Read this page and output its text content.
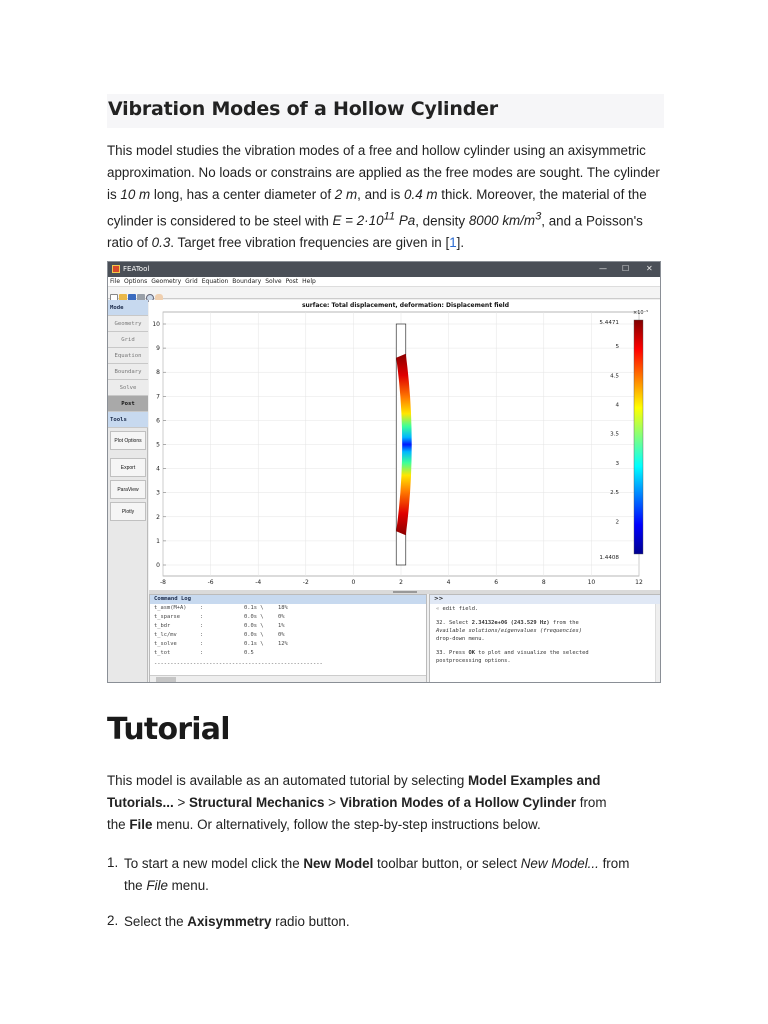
Vibration Modes of a Hollow Cylinder

This model studies the vibration modes of a free and hollow cylinder using an axisymmetric approximation. No loads or constrains are applied as the free modes are sought. The cylinder is 10 m long, has a center diameter of 2 m, and is 0.4 m thick. Moreover, the material of the cylinder is considered to be steel with $E = 2\cdot 10^{11}$ Pa, density 8000 $km/m^3$, and a Poisson's ratio of 0.3. Target free vibration frequencies are given in [1].

FEATool	— ☐ ✕
File Options Geometry Grid Equation Boundary Solve Post Help
Mode
Geometry
Grid
Equation
Boundary
Solve
Post
Tools
Plot Options
Export
ParaView
Plotly
surface: Total displacement, deformation: Displacement field
-8	-6	-4	-2	0	2	4	6	8	10	12
0
1
2
3
4
5
6
7
8
9
10	5.4471
×10⁻⁵
5
4.5
4
3.5
3
2.5
2
1.4408
Command Log
t_asm(M+A)	:	0.1s \	18%
t_sparse	:	0.0s \	0%
t_bdr	:	0.0s \	1%
t_lc/mv	:	0.0s \	0%
t_solve	:	0.1s \	12%
t_tot	:	0.5
----------------------------------------------------
>>
« edit field.
32. Select 2.34132e+06 (243.529 Hz) from the
Available solutions/eigenvalues (frequencies)
drop-down menu.
33. Press OK to plot and visualize the selected
postprocessing options.
Tutorial

This model is available as an automated tutorial by selecting Model Examples and Tutorials... > Structural Mechanics > Vibration Modes of a Hollow Cylinder from the File menu. Or alternatively, follow the step-by-step instructions below.

1. To start a new model click the New Model toolbar button, or select New Model... from the File menu.

2. Select the Axisymmetry radio button.
